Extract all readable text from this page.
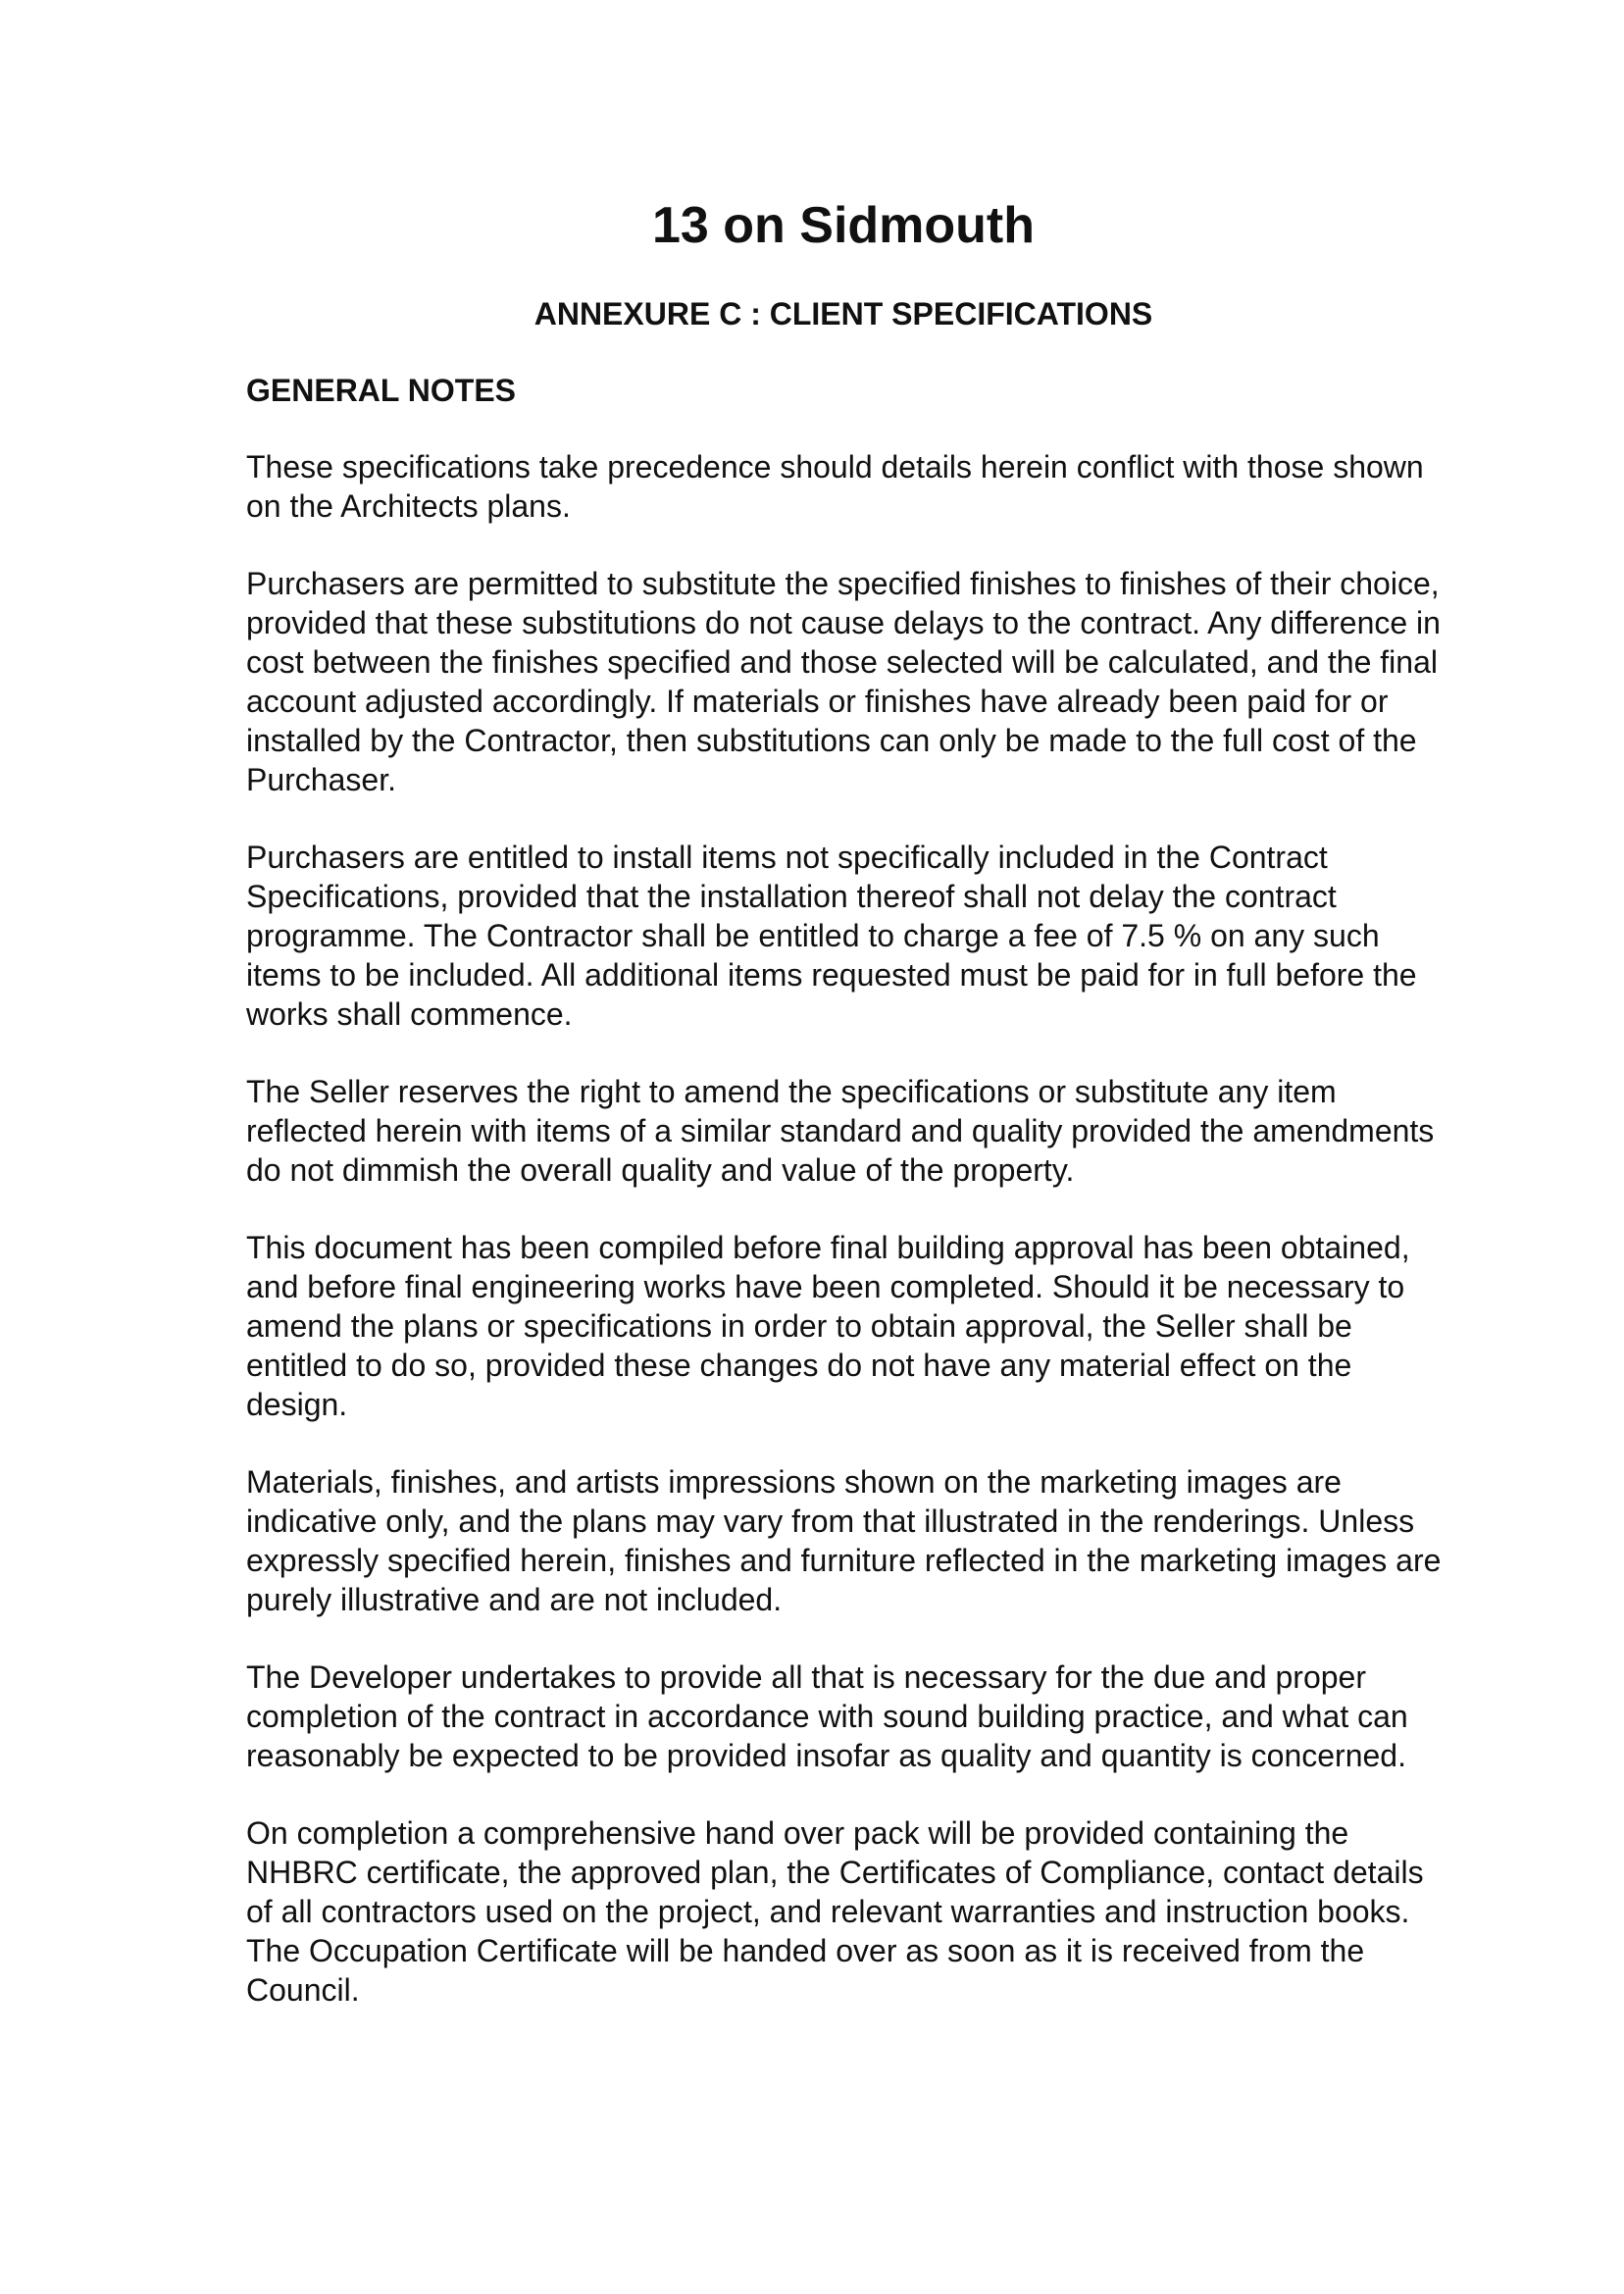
13 on Sidmouth
ANNEXURE C : CLIENT SPECIFICATIONS
GENERAL NOTES

These specifications take precedence should details herein conflict with those shown on the Architects plans.

Purchasers are permitted to substitute the specified finishes to finishes of their choice, provided that these substitutions do not cause delays to the contract. Any difference in cost between the finishes specified and those selected will be calculated, and the final account adjusted accordingly. If materials or finishes have already been paid for or installed by the Contractor, then substitutions can only be made to the full cost of the Purchaser.

Purchasers are entitled to install items not specifically included in the Contract Specifications, provided that the installation thereof shall not delay the contract programme. The Contractor shall be entitled to charge a fee of 7.5 % on any such items to be included. All additional items requested must be paid for in full before the works shall commence.

The Seller reserves the right to amend the specifications or substitute any item reflected herein with items of a similar standard and quality provided the amendments do not dimmish the overall quality and value of the property.

This document has been compiled before final building approval has been obtained, and before final engineering works have been completed. Should it be necessary to amend the plans or specifications in order to obtain approval, the Seller shall be entitled to do so, provided these changes do not have any material effect on the design.

Materials, finishes, and artists impressions shown on the marketing images are indicative only, and the plans may vary from that illustrated in the renderings. Unless expressly specified herein, finishes and furniture reflected in the marketing images are purely illustrative and are not included.

The Developer undertakes to provide all that is necessary for the due and proper completion of the contract in accordance with sound building practice, and what can reasonably be expected to be provided insofar as quality and quantity is concerned.

On completion a comprehensive hand over pack will be provided containing the NHBRC certificate, the approved plan, the Certificates of Compliance, contact details of all contractors used on the project, and relevant warranties and instruction books. The Occupation Certificate will be handed over as soon as it is received from the Council.
